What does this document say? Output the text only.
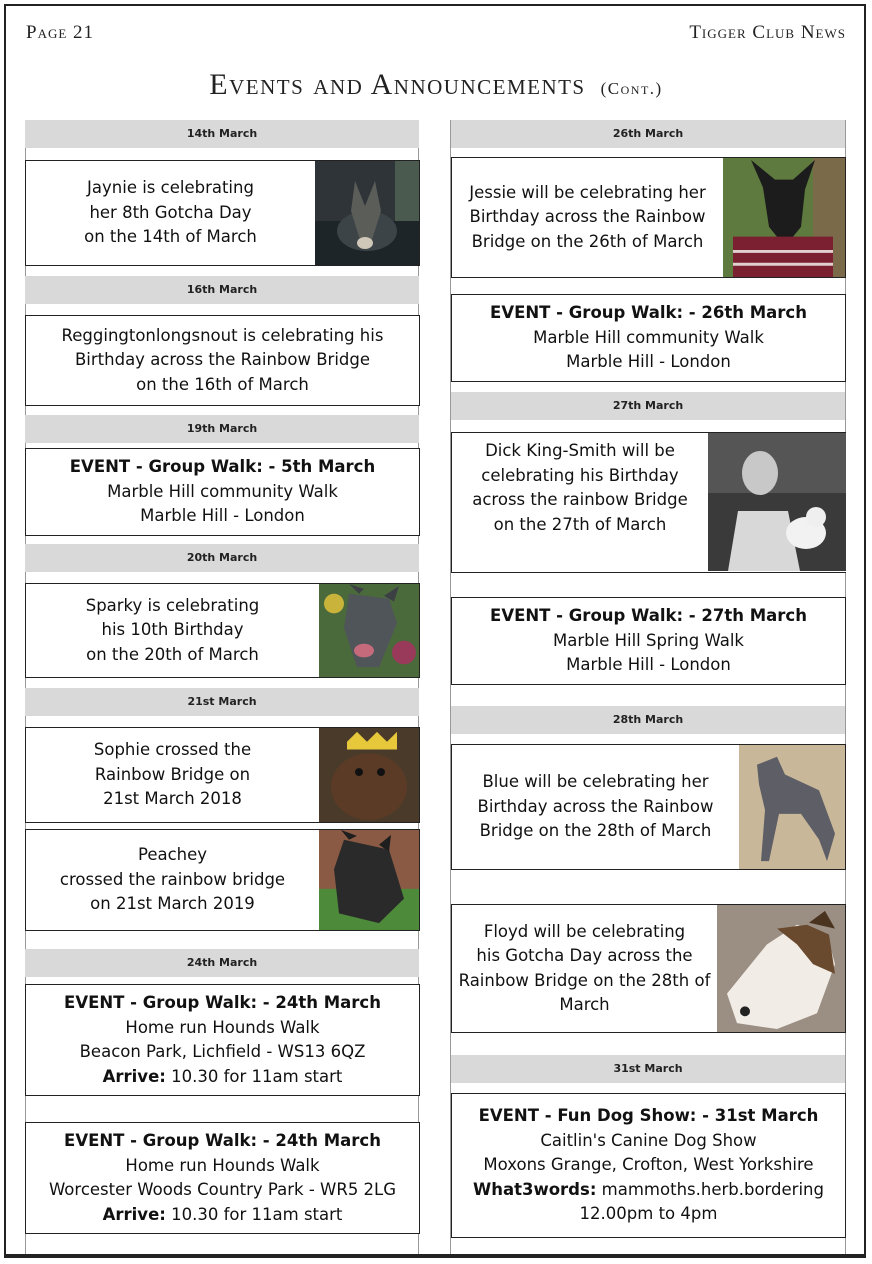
Page 21	Tigger Club News
Events and Announcements (Cont.)
14th March
Jaynie is celebrating
her 8th Gotcha Day
on the 14th of March
16th March
Reggingtonlongsnout is celebrating his
Birthday across the Rainbow Bridge
on the 16th of March
19th March
EVENT - Group Walk: - 5th March
Marble Hill community Walk
Marble Hill - London
20th March
Sparky is celebrating
his 10th Birthday
on the 20th of March
21st March
Sophie crossed the
Rainbow Bridge on
21st March 2018
Peachey
crossed the rainbow bridge
on 21st March 2019
24th March
EVENT - Group Walk: - 24th March
Home run Hounds Walk
Beacon Park, Lichfield - WS13 6QZ
Arrive: 10.30 for 11am start
EVENT - Group Walk: - 24th March
Home run Hounds Walk
Worcester Woods Country Park - WR5 2LG
Arrive: 10.30 for 11am start
26th March
Jessie will be celebrating her
Birthday across the Rainbow
Bridge on the 26th of March
EVENT - Group Walk: - 26th March
Marble Hill community Walk
Marble Hill - London
27th March
Dick King-Smith will be
celebrating his Birthday
across the rainbow Bridge
on the 27th of March
EVENT - Group Walk: - 27th March
Marble Hill Spring Walk
Marble Hill - London
28th March
Blue will be celebrating her
Birthday across the Rainbow
Bridge on the 28th of March
Floyd will be celebrating
his Gotcha Day across the
Rainbow Bridge on the 28th of
March
31st March
EVENT - Fun Dog Show: - 31st March
Caitlin's Canine Dog Show
Moxons Grange, Crofton, West Yorkshire
What3words: mammoths.herb.bordering
12.00pm to 4pm
